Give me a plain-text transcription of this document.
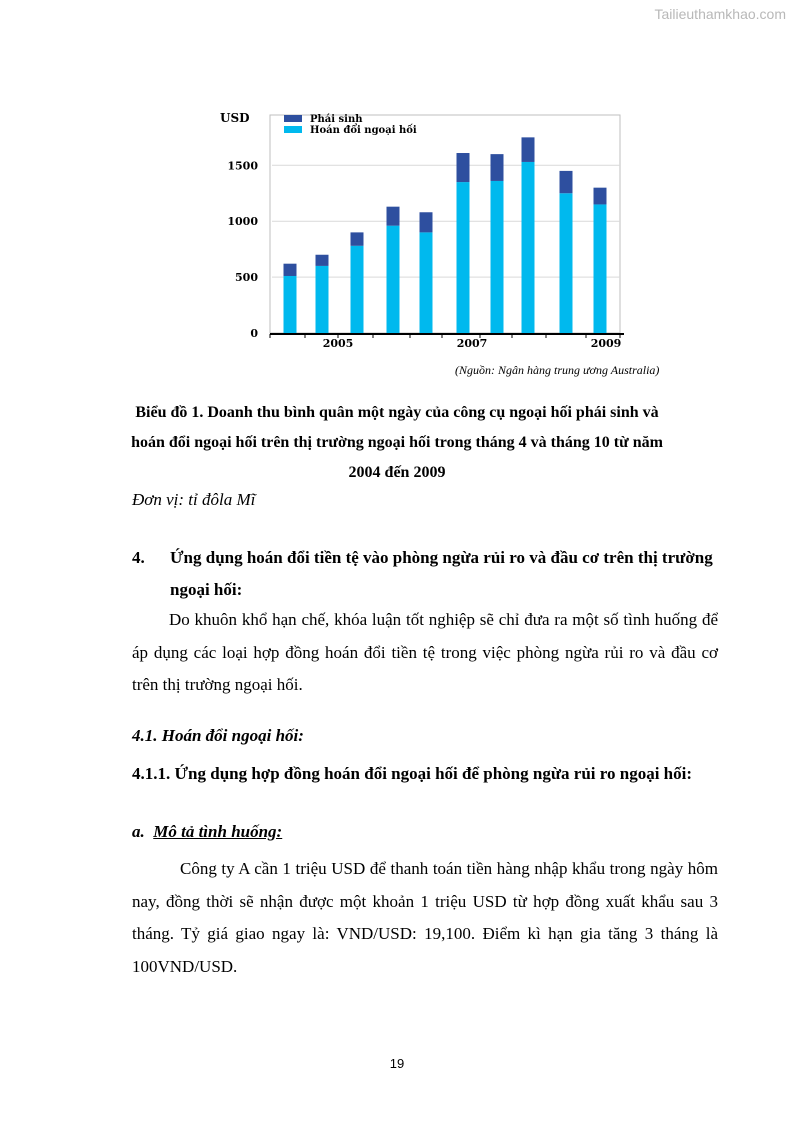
Tailieuthamkhao.com
0
500
1000
1500
USD
2005	2007	2009
Phái sinh
Hoán đổi ngoại hối
(Nguồn: Ngân hàng trung ương Australia)
Biểu đồ 1. Doanh thu bình quân một ngày của công cụ ngoại hối phái sinh và hoán đổi ngoại hối trên thị trường ngoại hối trong tháng 4 và tháng 10 từ năm 2004 đến 2009
Đơn vị: tỉ đôla Mĩ
4. Ứng dụng hoán đổi tiền tệ vào phòng ngừa rủi ro và đầu cơ trên thị trường ngoại hối:
Do khuôn khổ hạn chế, khóa luận tốt nghiệp sẽ chỉ đưa ra một số tình huống để áp dụng các loại hợp đồng hoán đổi tiền tệ trong việc phòng ngừa rủi ro và đầu cơ trên thị trường ngoại hối.
4.1. Hoán đổi ngoại hối:
4.1.1. Ứng dụng hợp đồng hoán đổi ngoại hối để phòng ngừa rủi ro ngoại hối:
a. Mô tả tình huống:
Công ty A cần 1 triệu USD để thanh toán tiền hàng nhập khẩu trong ngày hôm nay, đồng thời sẽ nhận được một khoản 1 triệu USD từ hợp đồng xuất khẩu sau 3 tháng. Tỷ giá giao ngay là: VND/USD: 19,100. Điểm kì hạn gia tăng 3 tháng là 100VND/USD.
19
